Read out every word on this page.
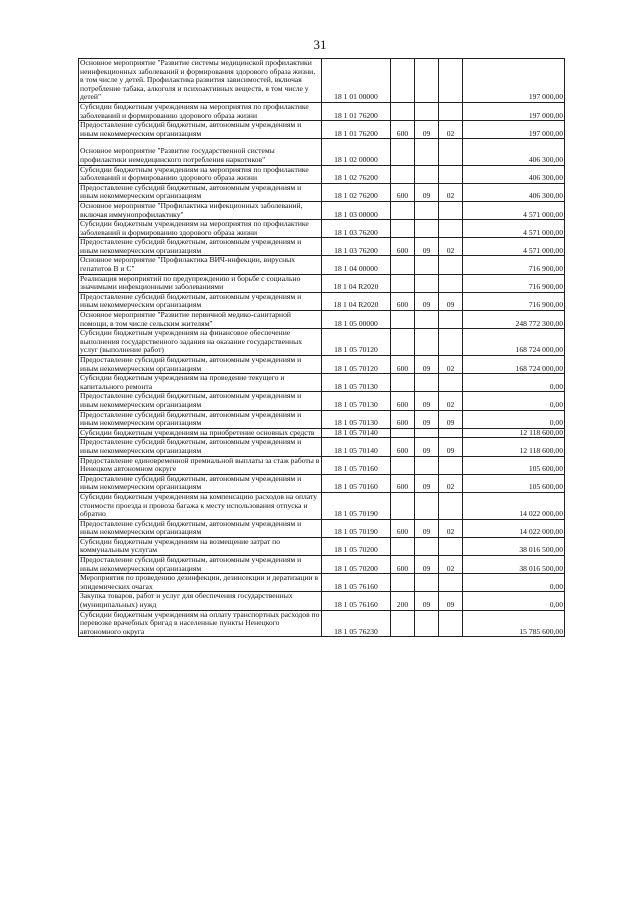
31
Основное мероприятие "Развитие системы медицинской профилактики неинфекционных заболеваний и формирования здорового образа жизни, в том числе у детей. Профилактика развития зависимостей, включая потребление табака, алкоголя и психоактивных веществ, в том числе у детей"	18 1 01 00000				197 000,00
Субсидии бюджетным учреждениям на мероприятия по профилактике заболеваний и формированию здорового образа жизни	18 1 01 76200				197 000,00
Предоставление субсидий бюджетным, автономным учреждениям и иным некоммерческим организациям	18 1 01 76200	600	09	02	197 000,00
Основное мероприятие "Развитие государственной системы профилактики немедицинского потребления наркотиков"	18 1 02 00000				406 300,00
Субсидии бюджетным учреждениям на мероприятия по профилактике заболеваний и формированию здорового образа жизни	18 1 02 76200				406 300,00
Предоставление субсидий бюджетным, автономным учреждениям и иным некоммерческим организациям	18 1 02 76200	600	09	02	406 300,00
Основное мероприятие "Профилактика инфекционных заболеваний, включая иммунопрофилактику"	18 1 03 00000				4 571 000,00
Субсидии бюджетным учреждениям на мероприятия по профилактике заболеваний и формированию здорового образа жизни	18 1 03 76200				4 571 000,00
Предоставление субсидий бюджетным, автономным учреждениям и иным некоммерческим организациям	18 1 03 76200	600	09	02	4 571 000,00
Основное мероприятие "Профилактика ВИЧ-инфекции, вирусных гепатитов В и С"	18 1 04 00000				716 900,00
Реализация мероприятий по предупреждению и борьбе с социально значимыми инфекционными заболеваниями	18 1 04 R2020				716 900,00
Предоставление субсидий бюджетным, автономным учреждениям и иным некоммерческим организациям	18 1 04 R2020	600	09	09	716 900,00
Основное мероприятие "Развитие первичной медико-санитарной помощи, в том числе сельским жителям"	18 1 05 00000				248 772 300,00
Субсидии бюджетным учреждениям на финансовое обеспечение выполнения государственного задания на оказание государственных услуг (выполнение работ)	18 1 05 70120				168 724 000,00
Предоставление субсидий бюджетным, автономным учреждениям и иным некоммерческим организациям	18 1 05 70120	600	09	02	168 724 000,00
Субсидии бюджетным учреждениям на проведение текущего и капитального ремонта	18 1 05 70130				0,00
Предоставление субсидий бюджетным, автономным учреждениям и иным некоммерческим организациям	18 1 05 70130	600	09	02	0,00
Предоставление субсидий бюджетным, автономным учреждениям и иным некоммерческим организациям	18 1 05 70130	600	09	09	0,00
Субсидии бюджетным учреждениям на приобретение основных средств	18 1 05 70140				12 118 600,00
Предоставление субсидий бюджетным, автономным учреждениям и иным некоммерческим организациям	18 1 05 70140	600	09	09	12 118 600,00
Предоставление единовременной премиальной выплаты за стаж работы в Ненецком автономном округе	18 1 05 70160				105 600,00
Предоставление субсидий бюджетным, автономным учреждениям и иным некоммерческим организациям	18 1 05 70160	600	09	02	105 600,00
Субсидии бюджетным учреждениям на компенсацию расходов на оплату стоимости проезда и провоза багажа к месту использования отпуска и обратно	18 1 05 70190				14 022 000,00
Предоставление субсидий бюджетным, автономным учреждениям и иным некоммерческим организациям	18 1 05 70190	600	09	02	14 022 000,00
Субсидии бюджетным учреждениям на возмещение затрат по коммунальным услугам	18 1 05 70200				38 016 500,00
Предоставление субсидий бюджетным, автономным учреждениям и иным некоммерческим организациям	18 1 05 70200	600	09	02	38 016 500,00
Мероприятия по проведению дезинфекции, дезинсекции и дератизации в эпидемических очагах	18 1 05 76160				0,00
Закупка товаров, работ и услуг для обеспечения государственных (муниципальных) нужд	18 1 05 76160	200	09	09	0,00
Субсидии бюджетным учреждениям на оплату транспортных расходов по перевозке врачебных бригад в населенные пункты Ненецкого автономного округа	18 1 05 76230				15 785 600,00
